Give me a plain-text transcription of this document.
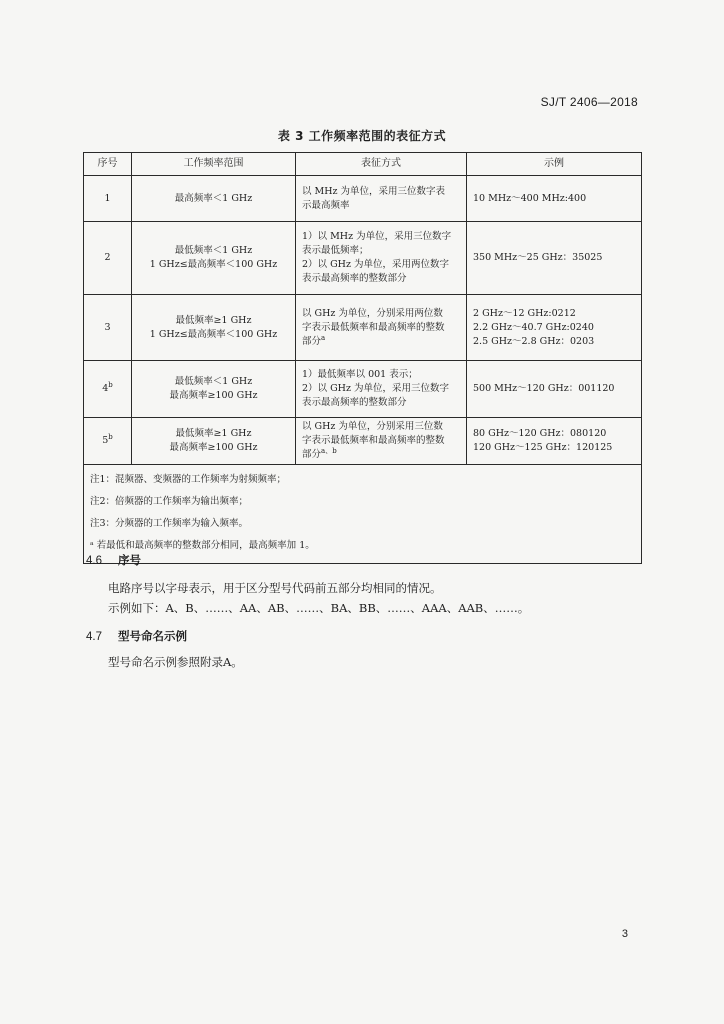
SJ/T 2406—2018
表 3 工作频率范围的表征方式
序号	工作频率范围	表征方式	示例
1	最高频率＜1 GHz	以 MHz 为单位，采用三位数字表
示最高频率	10 MHz～400 MHz:400

2	最低频率＜1 GHz
1 GHz≤最高频率＜100 GHz	1）以 MHz 为单位，采用三位数字
表示最低频率；
2）以 GHz 为单位，采用两位数字
表示最高频率的整数部分	350 MHz～25 GHz：35025

3	最低频率≥1 GHz
1 GHz≤最高频率＜100 GHz	以 GHz 为单位，分别采用两位数
字表示最低频率和最高频率的整数
部分$^a$	2 GHz～12 GHz:0212
2.2 GHz～40.7 GHz:0240
2.5 GHz～2.8 GHz：0203

4$^b$	最低频率＜1 GHz
最高频率≥100 GHz	1）最低频率以 001 表示；
2）以 GHz 为单位，采用三位数字
表示最高频率的整数部分	500 MHz～120 GHz：001120

5$^b$	最低频率≥1 GHz
最高频率≥100 GHz	以 GHz 为单位，分别采用三位数
字表示最低频率和最高频率的整数
部分$^{a、b}$	80 GHz～120 GHz：080120
120 GHz～125 GHz：120125

注1：混频器、变频器的工作频率为射频频率；
注2：倍频器的工作频率为输出频率；
注3：分频器的工作频率为输入频率。
ᵃ 若最低和最高频率的整数部分相同，最高频率加 1。			
4.6 序号
电路序号以字母表示，用于区分型号代码前五部分均相同的情况。
示例如下：A、B、……、AA、AB、……、BA、BB、……、AAA、AAB、……。
4.7 型号命名示例
型号命名示例参照附录A。
3
